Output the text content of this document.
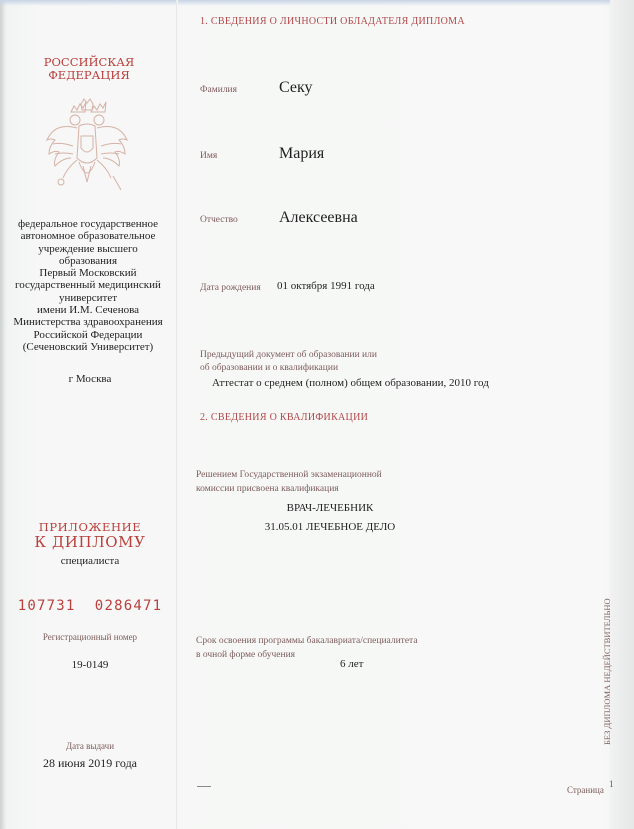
РОССИЙСКАЯ ФЕДЕРАЦИЯ
федеральное государственное
автономное образовательное
учреждение высшего
образования
Первый Московский
государственный медицинский
университет
имени И.М. Сеченова
Министерства здравоохранения
Российской Федерации
(Сеченовский Университет)
г Москва
ПРИЛОЖЕНИЕ
К ДИПЛОМУ
специалиста
107731  0286471
Регистрационный номер
19-0149
Дата выдачи
28 июня 2019 года
1. СВЕДЕНИЯ О ЛИЧНОСТИ ОБЛАДАТЕЛЯ ДИПЛОМА
Фамилия	Секу
Имя	Мария
Отчество	Алексеевна
Дата рождения 01 октября 1991 года
Предыдущий документ об образовании или
об образовании и о квалификации
Аттестат о среднем (полном) общем образовании, 2010 год
2. СВЕДЕНИЯ О КВАЛИФИКАЦИИ
Решением Государственной экзаменационной
комиссии присвоена квалификация
ВРАЧ-ЛЕЧЕБНИК
31.05.01 ЛЕЧЕБНОЕ ДЕЛО
Срок освоения программы бакалавриата/специалитета
в очной форме обучения
6 лет	БЕЗ ДИПЛОМА НЕДЕЙСТВИТЕЛЬНО
Страница
1
